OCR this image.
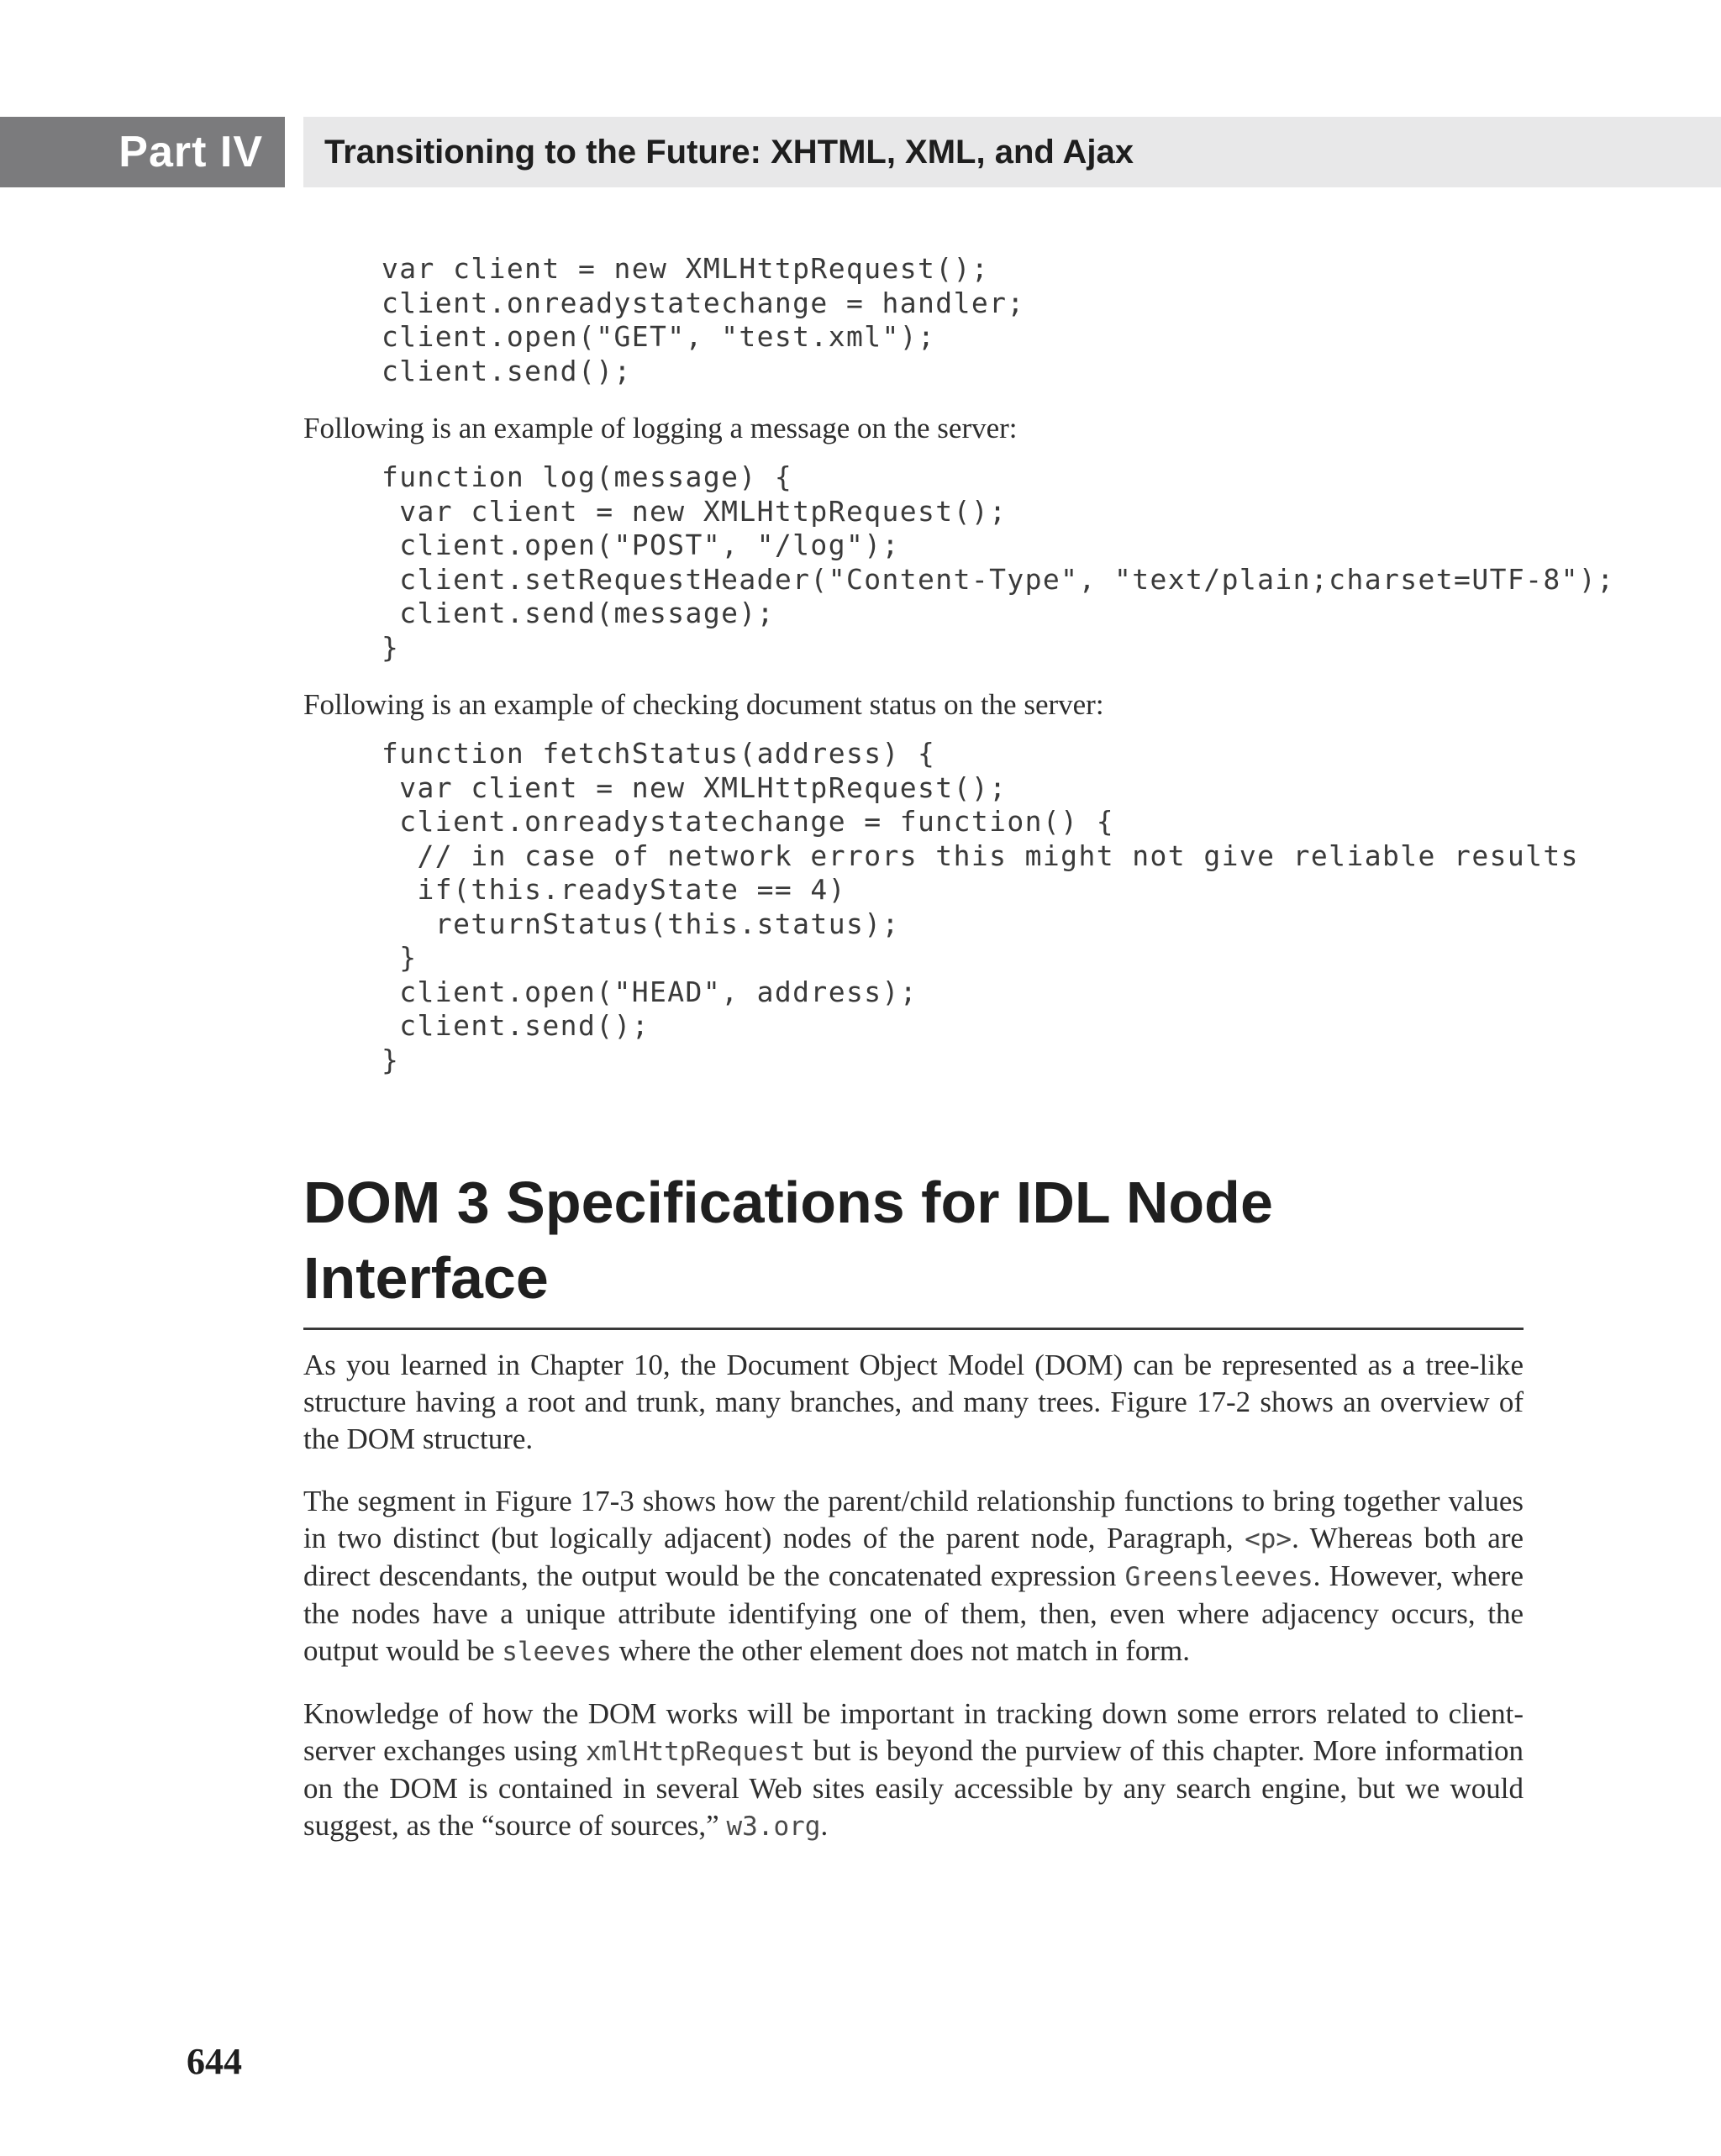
Part IV Transitioning to the Future: XHTML, XML, and Ajax
var client = new XMLHttpRequest();
client.onreadystatechange = handler;
client.open("GET", "test.xml");
client.send();

Following is an example of logging a message on the server:

function log(message) {
var client = new XMLHttpRequest();
client.open("POST", "/log");
client.setRequestHeader("Content-Type", "text/plain;charset=UTF-8");
client.send(message);
}

Following is an example of checking document status on the server:

function fetchStatus(address) {
var client = new XMLHttpRequest();
client.onreadystatechange = function() {
// in case of network errors this might not give reliable results
if(this.readyState == 4)
returnStatus(this.status);
}
client.open("HEAD", address);
client.send();
}
DOM 3 Specifications for IDL Node
Interface

As you learned in Chapter 10, the Document Object Model (DOM) can be represented as a tree-like structure having a root and trunk, many branches, and many trees. Figure 17-2 shows an overview of the DOM structure.

The segment in Figure 17-3 shows how the parent/child relationship functions to bring together values in two distinct (but logically adjacent) nodes of the parent node, Paragraph, <p>. Whereas both are direct descendants, the output would be the concatenated expression Greensleeves. However, where the nodes have a unique attribute identifying one of them, then, even where adjacency occurs, the output would be sleeves where the other element does not match in form.

Knowledge of how the DOM works will be important in tracking down some errors related to client-server exchanges using xmlHttpRequest but is beyond the purview of this chapter. More information on the DOM is contained in several Web sites easily accessible by any search engine, but we would suggest, as the “source of sources,” w3.org.

644
